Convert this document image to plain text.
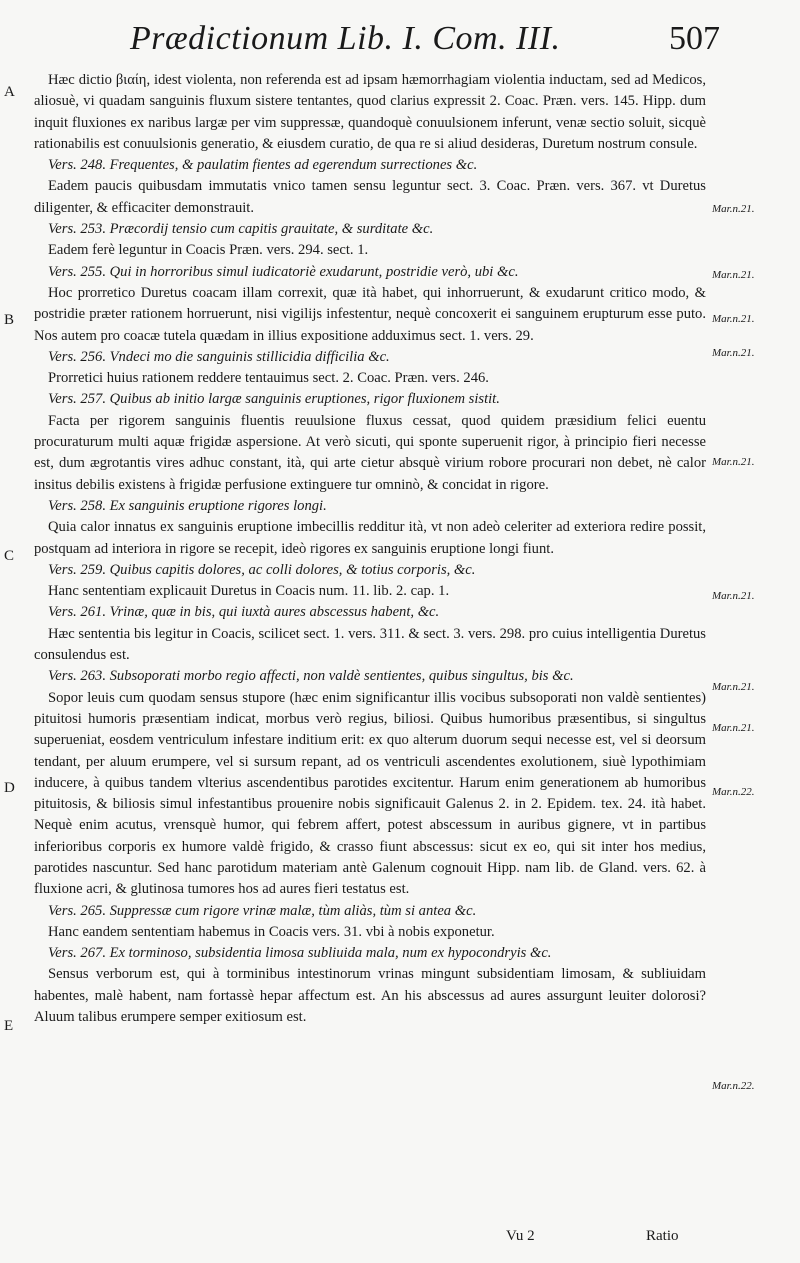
Prædictionum Lib. I. Com. III.	507
A
B
C
D
E
Mar.n.21.
Mar.n.21.
Mar.n.21.
Mar.n.21.
Mar.n.21.
Mar.n.21.
Mar.n.21.
Mar.n.21.
Mar.n.22.
Mar.n.22.

Hæc dictio βιαίη, idest violenta, non referenda est ad ipsam hæmorrhagiam violentia inductam, sed ad Medicos, aliosuè, vi quadam sanguinis fluxum sistere tentantes, quod clarius expressit 2. Coac. Præn. vers. 145. Hipp. dum inquit fluxiones ex naribus largæ per vim suppressæ, quandoquè conuulsionem inferunt, venæ sectio soluit, sicquè rationabilis est conuulsionis generatio, & eiusdem curatio, de qua re si aliud desideras, Duretum nostrum consule.

Vers. 248. Frequentes, & paulatim fientes ad egerendum surrectiones &c.

Eadem paucis quibusdam immutatis vnico tamen sensu leguntur sect. 3. Coac. Præn. vers. 367. vt Duretus diligenter, & efficaciter demonstrauit.

Vers. 253. Præcordij tensio cum capitis grauitate, & surditate &c.

Eadem ferè leguntur in Coacis Præn. vers. 294. sect. 1.

Vers. 255. Qui in horroribus simul iudicatoriè exudarunt, postridie verò, ubi &c.

Hoc prorretico Duretus coacam illam correxit, quæ ità habet, qui inhorruerunt, & exudarunt critico modo, & postridie præter rationem horruerunt, nisi vigilijs infestentur, nequè concoxerit ei sanguinem erupturum esse puto. Nos autem pro coacæ tutela quædam in illius expositione adduximus sect. 1. vers. 29.

Vers. 256. Vndeci mo die sanguinis stillicidia difficilia &c.

Prorretici huius rationem reddere tentauimus sect. 2. Coac. Præn. vers. 246.

Vers. 257. Quibus ab initio largæ sanguinis eruptiones, rigor fluxionem sistit.

Facta per rigorem sanguinis fluentis reuulsione fluxus cessat, quod quidem præsidium felici euentu procuraturum multi aquæ frigidæ aspersione. At verò sicuti, qui sponte superuenit rigor, à principio fieri necesse est, dum ægrotantis vires adhuc constant, ità, qui arte cietur absquè virium robore procurari non debet, nè calor insitus debilis existens à frigidæ perfusione extinguere tur omninò, & concidat in rigore.

Vers. 258. Ex sanguinis eruptione rigores longi.

Quia calor innatus ex sanguinis eruptione imbecillis redditur ità, vt non adeò celeriter ad exteriora redire possit, postquam ad interiora in rigore se recepit, ideò rigores ex sanguinis eruptione longi fiunt.

Vers. 259. Quibus capitis dolores, ac colli dolores, & totius corporis, &c.

Hanc sententiam explicauit Duretus in Coacis num. 11. lib. 2. cap. 1.

Vers. 261. Vrinæ, quæ in bis, qui iuxtà aures abscessus habent, &c.

Hæc sententia bis legitur in Coacis, scilicet sect. 1. vers. 311. & sect. 3. vers. 298. pro cuius intelligentia Duretus consulendus est.

Vers. 263. Subsoporati morbo regio affecti, non valdè sentientes, quibus singultus, bis &c.

Sopor leuis cum quodam sensus stupore (hæc enim significantur illis vocibus subsoporati non valdè sentientes) pituitosi humoris præsentiam indicat, morbus verò regius, biliosi. Quibus humoribus præsentibus, si singultus superueniat, eosdem ventriculum infestare inditium erit: ex quo alterum duorum sequi necesse est, vel si deorsum tendant, per aluum erumpere, vel si sursum repant, ad os ventriculi ascendentes exolutionem, siuè lypothimiam inducere, à quibus tandem vlterius ascendentibus parotides excitentur. Harum enim generationem ab humoribus pituitosis, & biliosis simul infestantibus prouenire nobis significauit Galenus 2. in 2. Epidem. tex. 24. ità habet. Nequè enim acutus, vrensquè humor, qui febrem affert, potest abscessum in auribus gignere, vt in partibus inferioribus corporis ex humore valdè frigido, & crasso fiunt abscessus: sicut ex eo, qui sit inter hos medius, parotides nascuntur. Sed hanc parotidum materiam antè Galenum cognouit Hipp. nam lib. de Gland. vers. 62. à fluxione acri, & glutinosa tumores hos ad aures fieri testatus est.

Vers. 265. Suppressæ cum rigore vrinæ malæ, tùm aliàs, tùm si antea &c.

Hanc eandem sententiam habemus in Coacis vers. 31. vbi à nobis exponetur.

Vers. 267. Ex torminoso, subsidentia limosa subliuida mala, num ex hypocondryis &c.

Sensus verborum est, qui à torminibus intestinorum vrinas mingunt subsidentiam limosam, & subliuidam habentes, malè habent, nam fortassè hepar affectum est. An his abscessus ad aures assurgunt leuiter dolorosi? Aluum talibus erumpere semper exitiosum est.

Vu 2	Ratio
